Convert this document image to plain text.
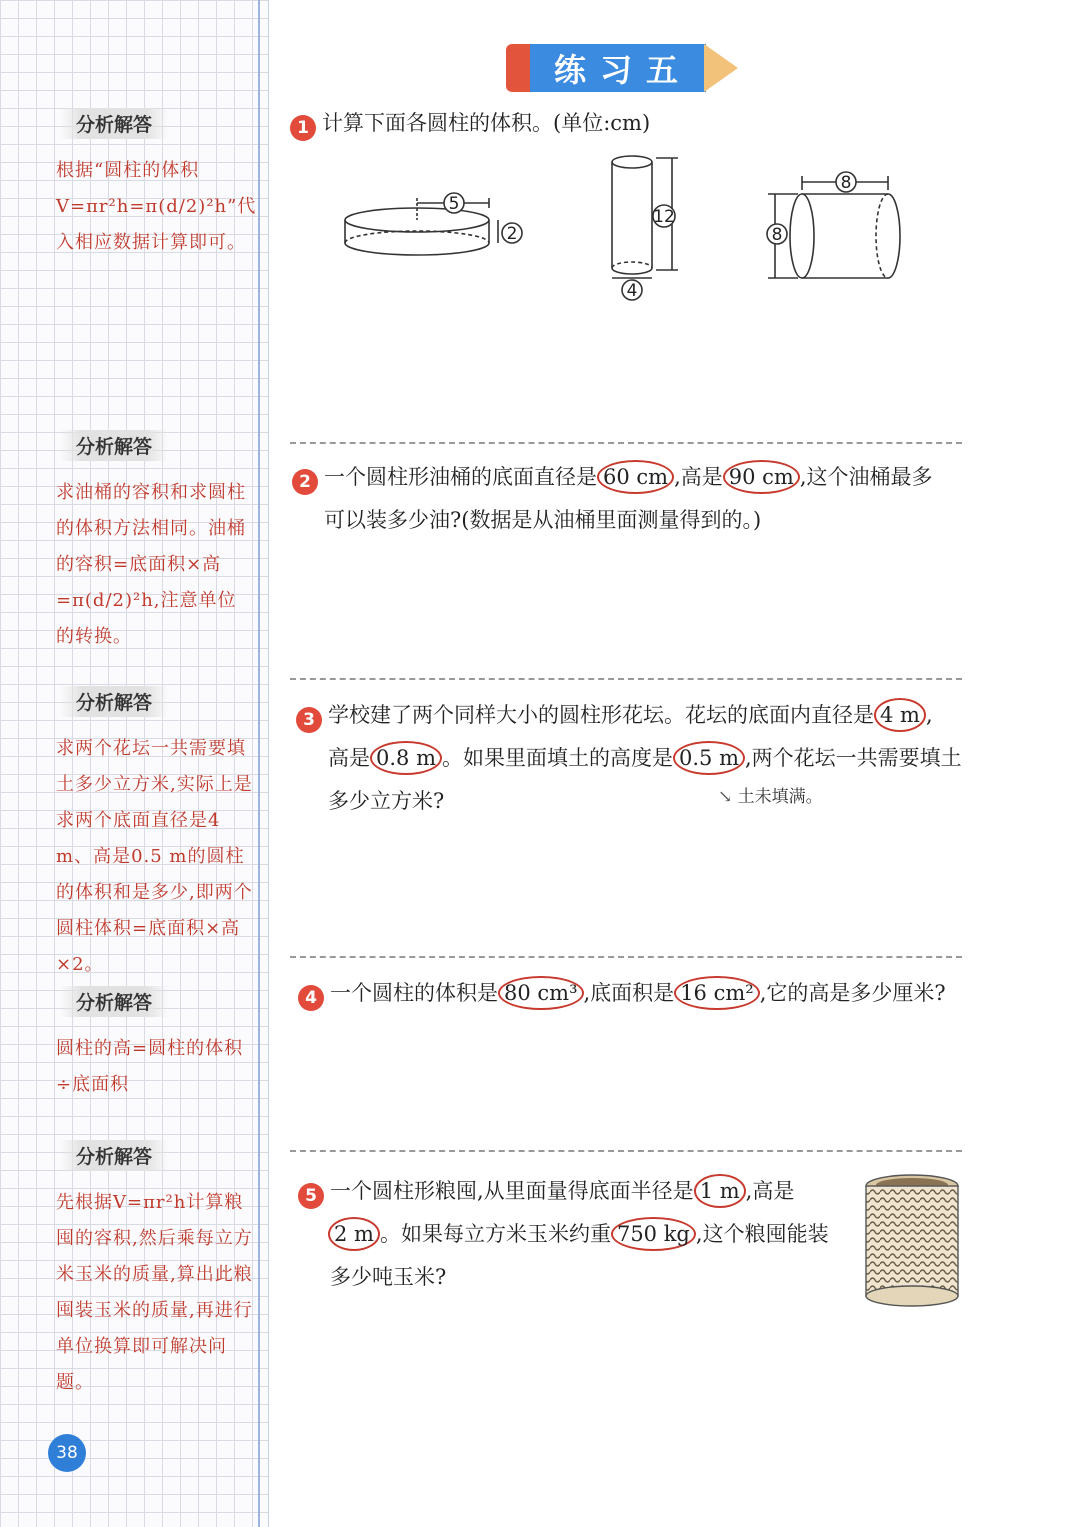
分析解答
根据“圆柱的体积V=πr²h=π(d/2)²h”代入相应数据计算即可。
分析解答
求油桶的容积和求圆柱的体积方法相同。油桶的容积=底面积×高=π(d/2)²h,注意单位的转换。
分析解答
求两个花坛一共需要填土多少立方米,实际上是求两个底面直径是4 m、高是0.5 m的圆柱的体积和是多少,即两个圆柱体积=底面积×高×2。
分析解答
圆柱的高=圆柱的体积÷底面积
分析解答
先根据V=πr²h计算粮囤的容积,然后乘每立方米玉米的质量,算出此粮囤装玉米的质量,再进行单位换算即可解决问题。
38
练习五
1 计算下面各圆柱的体积。(单位:cm)
5
2
12
4
8
8
2 一个圆柱形油桶的底面直径是 60 cm ,高是 90 cm ,这个油桶最多
可以装多少油?(数据是从油桶里面测量得到的。)
3 学校建了两个同样大小的圆柱形花坛。花坛的底面内直径是 4 m ,
高是 0.8 m 。如果里面填土的高度是 0.5 m ,两个花坛一共需要填土
多少立方米?	↘ 土未填满。
4 一个圆柱的体积是 80 cm³ ,底面积是 16 cm² ,它的高是多少厘米?
5 一个圆柱形粮囤,从里面量得底面半径是 1 m ,高是
2 m 。如果每立方米玉米约重 750 kg ,这个粮囤能装
多少吨玉米?
